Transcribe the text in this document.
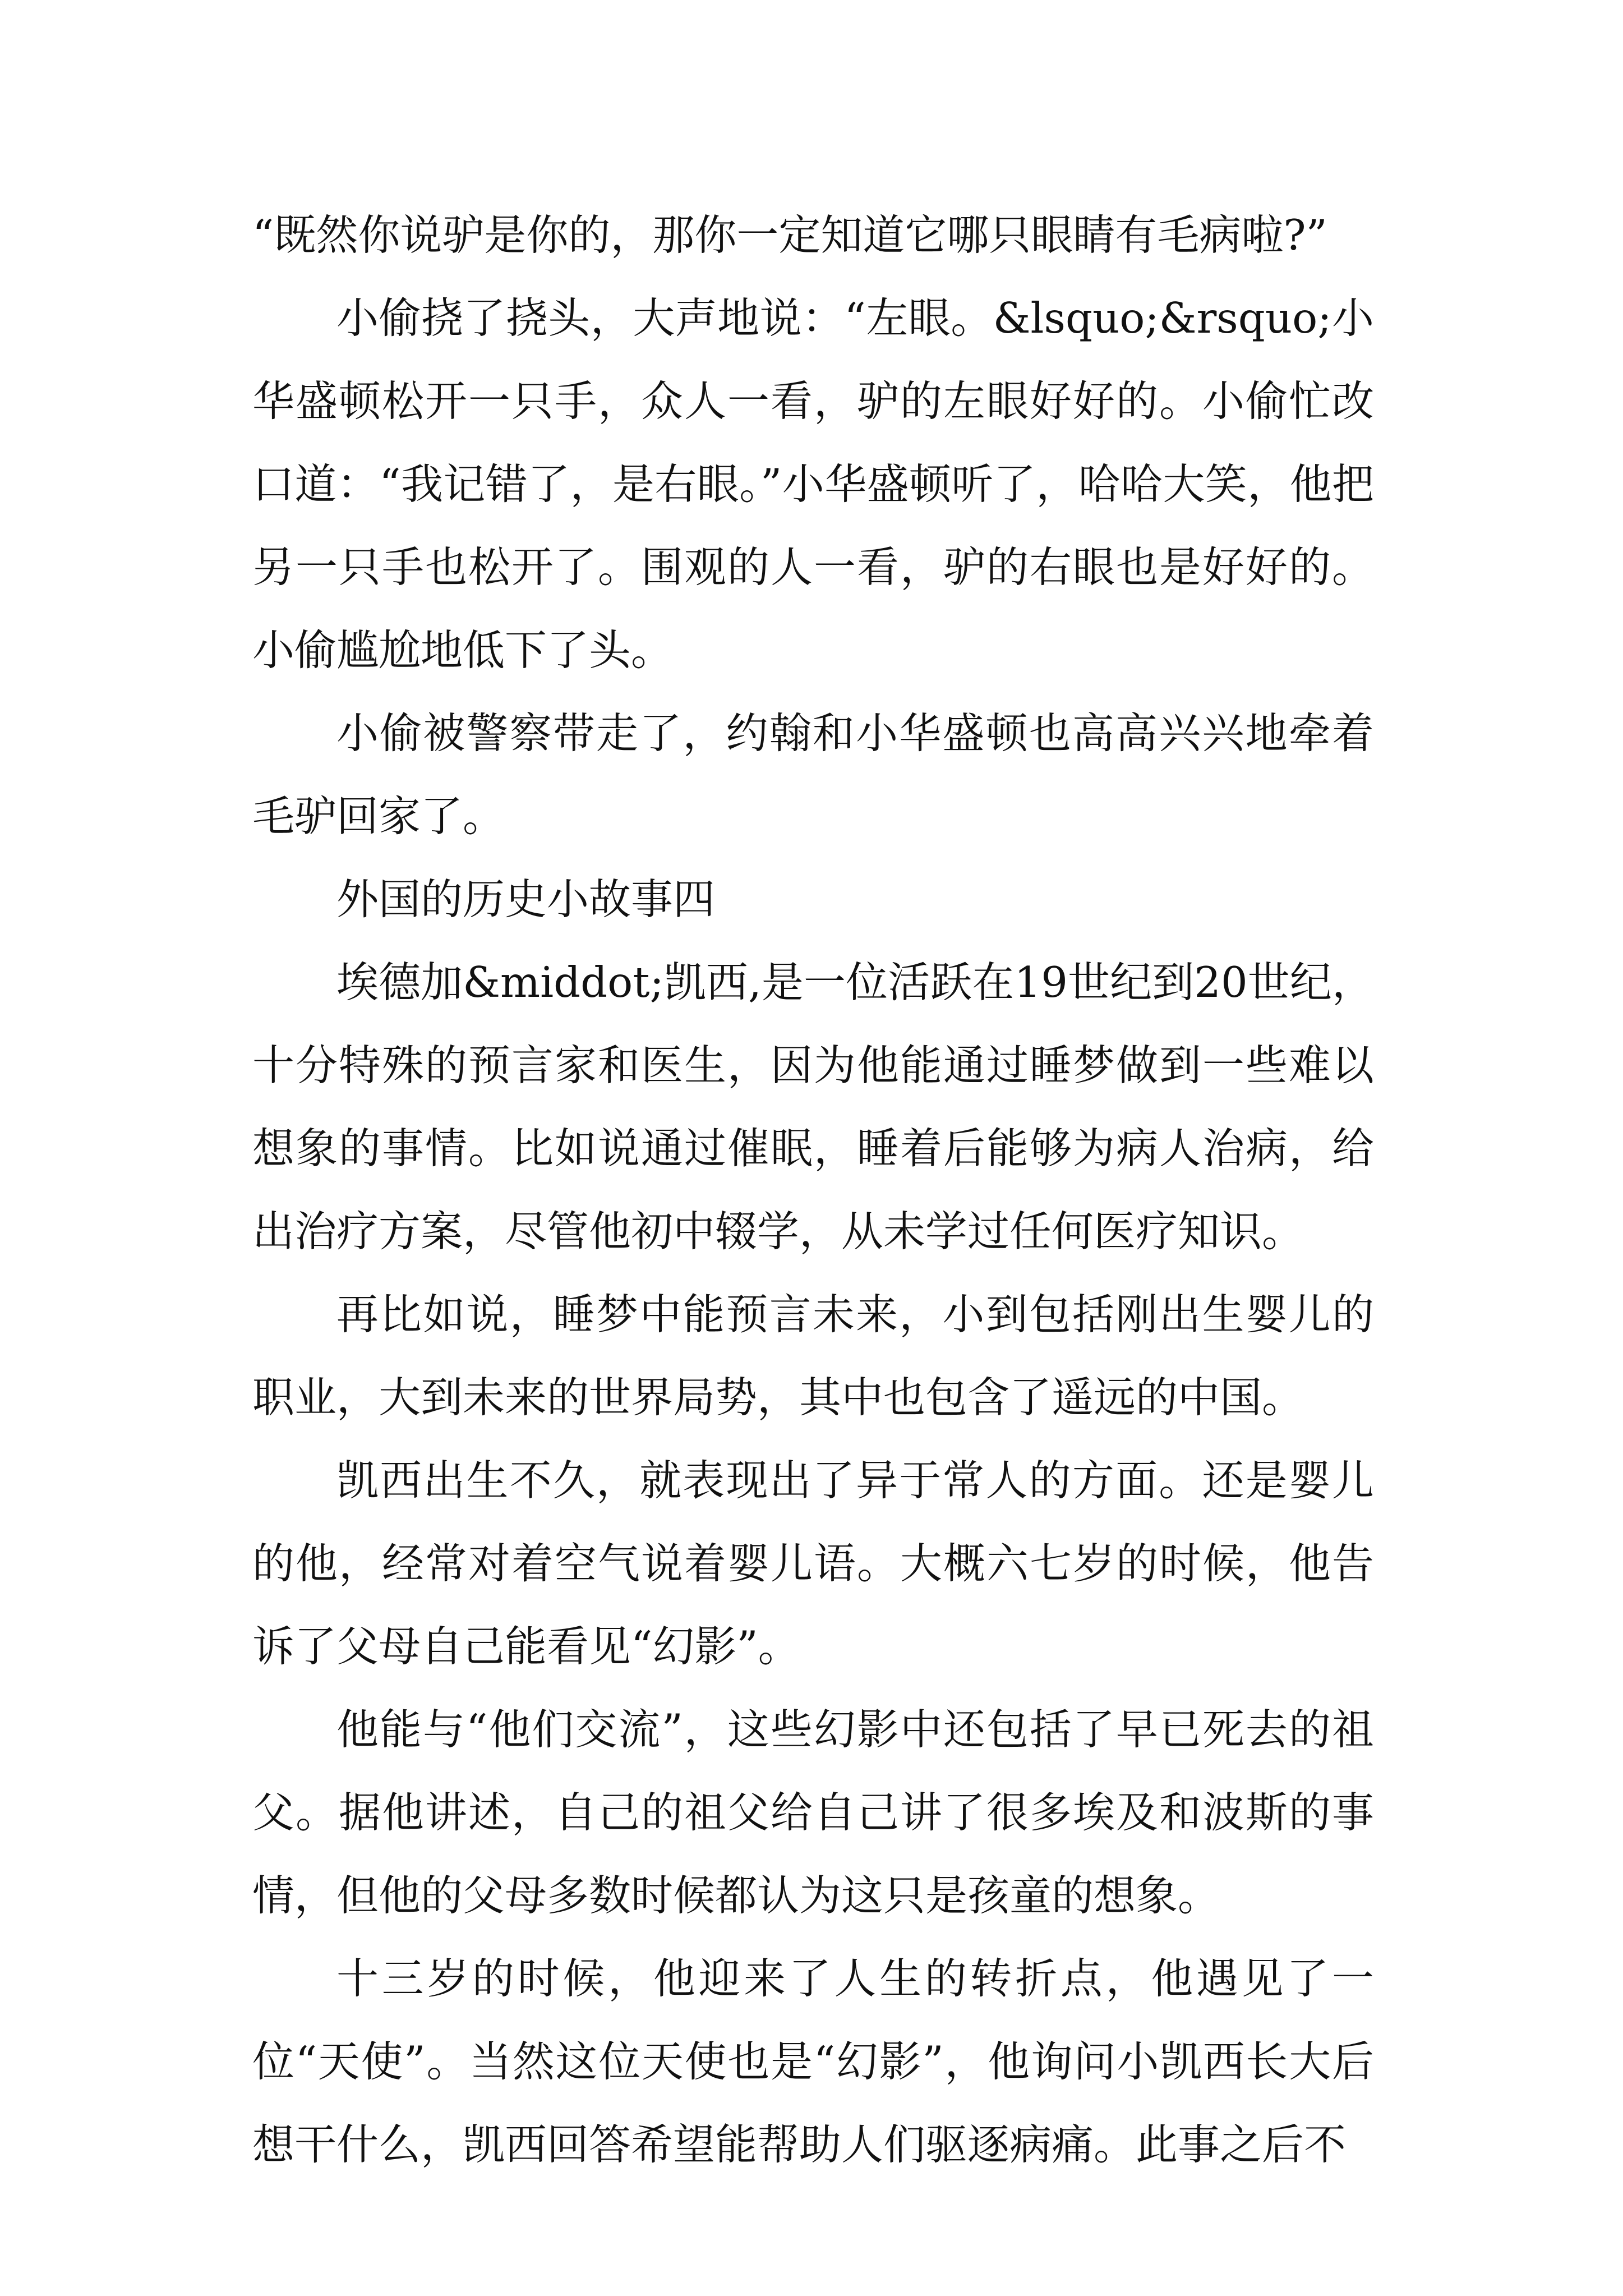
“既然你说驴是你的，那你一定知道它哪只眼睛有毛病啦?”

小偷挠了挠头，大声地说：“左眼。&lsquo;&rsquo;小华盛顿松开一只手，众人一看，驴的左眼好好的。小偷忙改口道：“我记错了，是右眼。”小华盛顿听了，哈哈大笑，他把另一只手也松开了。围观的人一看，驴的右眼也是好好的。小偷尴尬地低下了头。

小偷被警察带走了，约翰和小华盛顿也高高兴兴地牵着毛驴回家了。

外国的历史小故事四

埃德加&middot;凯西,是一位活跃在19世纪到20世纪，十分特殊的预言家和医生，因为他能通过睡梦做到一些难以想象的事情。比如说通过催眠，睡着后能够为病人治病，给出治疗方案，尽管他初中辍学，从未学过任何医疗知识。

再比如说，睡梦中能预言未来，小到包括刚出生婴儿的职业，大到未来的世界局势，其中也包含了遥远的中国。

凯西出生不久，就表现出了异于常人的方面。还是婴儿的他，经常对着空气说着婴儿语。大概六七岁的时候，他告诉了父母自己能看见“幻影”。

他能与“他们交流”，这些幻影中还包括了早已死去的祖父。据他讲述，自己的祖父给自己讲了很多埃及和波斯的事情，但他的父母多数时候都认为这只是孩童的想象。

十三岁的时候，他迎来了人生的转折点，他遇见了一位“天使”。当然这位天使也是“幻影”，他询问小凯西长大后想干什么，凯西回答希望能帮助人们驱逐病痛。此事之后不
